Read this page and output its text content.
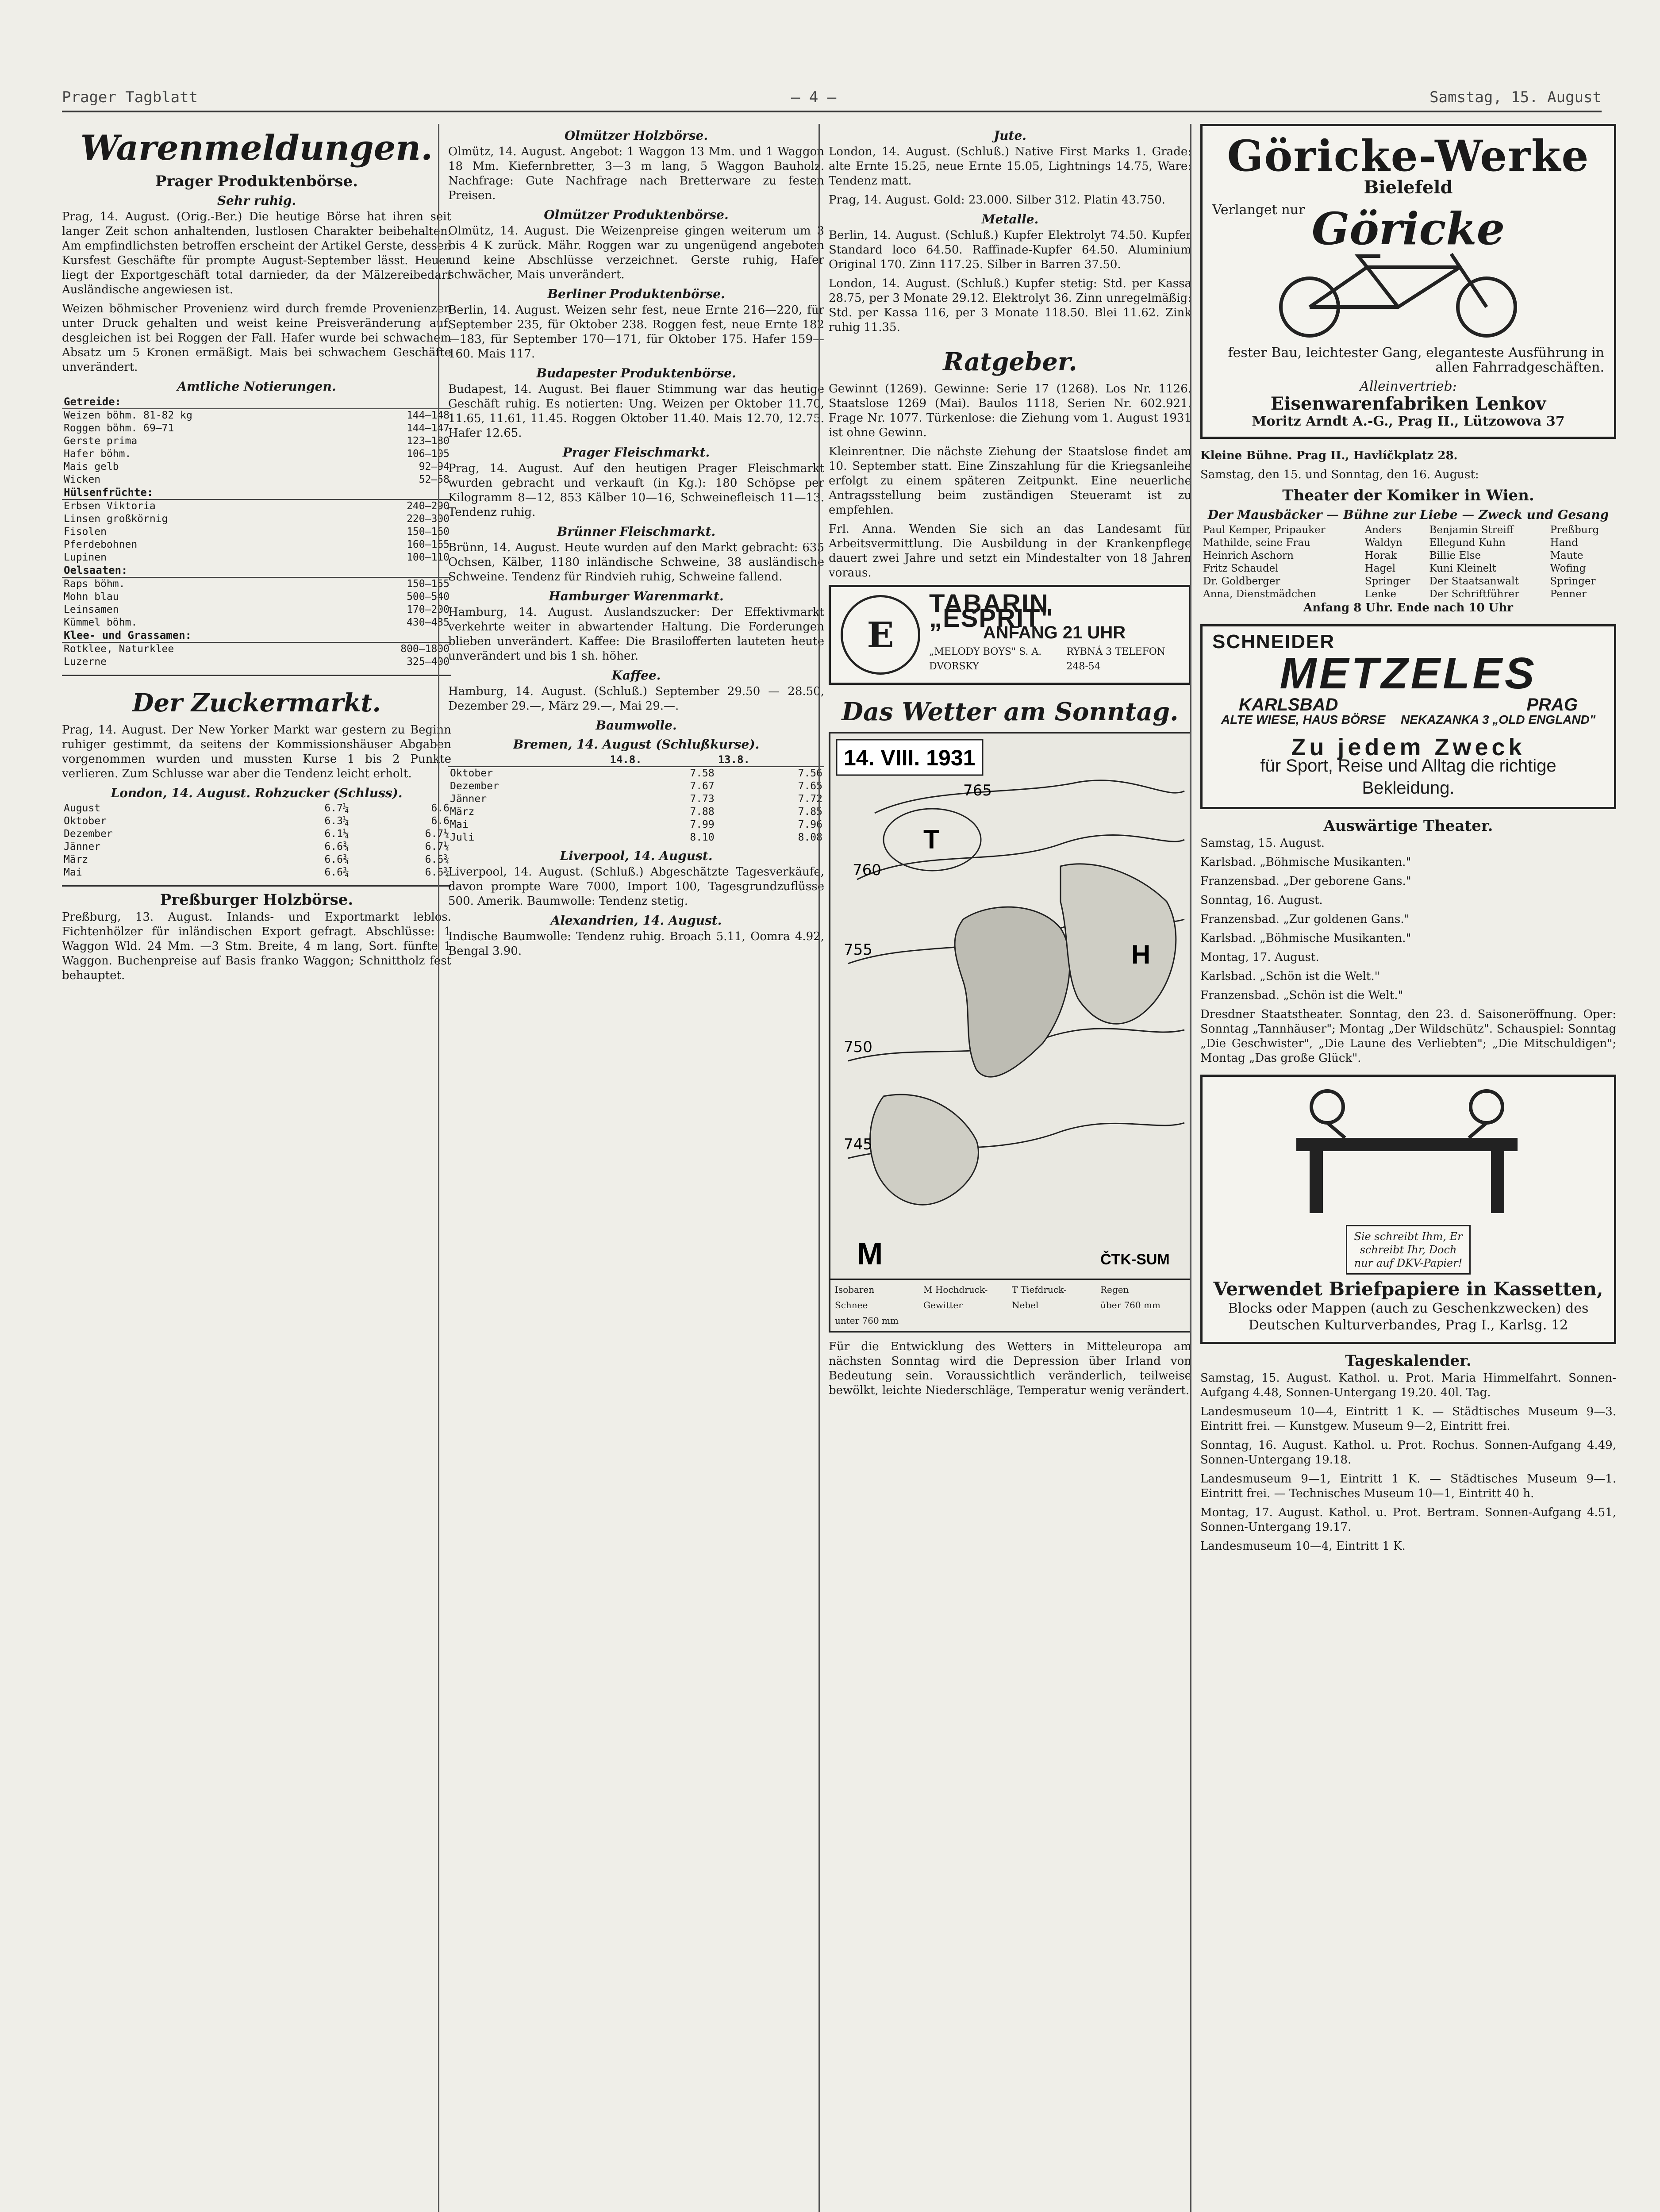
Prager Tagblatt	— 4 —	Samstag, 15. August
Warenmeldungen.
Prager Produktenbörse.
Sehr ruhig.

Prag, 14. August. (Orig.-Ber.) Die heutige Börse hat ihren seit langer Zeit schon anhaltenden, lustlosen Charakter beibehalten. Am empfindlichsten betroffen erscheint der Artikel Gerste, dessen Kursfest Geschäfte für prompte August-September lässt. Heuer liegt der Exportgeschäft total darnieder, da der Mälzereibedarf Ausländische angewiesen ist.

Weizen böhmischer Provenienz wird durch fremde Provenienzen unter Druck gehalten und weist keine Preisveränderung auf, desgleichen ist bei Roggen der Fall. Hafer wurde bei schwachem Absatz um 5 Kronen ermäßigt. Mais bei schwachem Geschäfte unverändert.

Amtliche Notierungen.
Getreide:	
Weizen böhm. 81-82 kg	144—148
Roggen böhm. 69—71	144—147
Gerste prima	123—180
Hafer böhm.	106—105
Mais gelb	92—94
Wicken	52—58
Hülsenfrüchte:	
Erbsen Viktoria	240—290
Linsen großkörnig	220—300
Fisolen	150—160
Pferdebohnen	160—165
Lupinen	100—110
Oelsaaten:	
Raps böhm.	150—155
Mohn blau	500—540
Leinsamen	170—200
Kümmel böhm.	430—435
Klee- und Grassamen:	
Rotklee, Naturklee	800—1800
Luzerne	325—400
Der Zuckermarkt.

Prag, 14. August. Der New Yorker Markt war gestern zu Beginn ruhiger gestimmt, da seitens der Kommissionshäuser Abgaben vorgenommen wurden und mussten Kurse 1 bis 2 Punkte verlieren. Zum Schlusse war aber die Tendenz leicht erholt.

London, 14. August. Rohzucker (Schluss).
August	6.7¼	6.6
Oktober	6.3¼	6.6
Dezember	6.1¼	6.7¼
Jänner	6.6¾	6.7¼
März	6.6¾	6.6¾
Mai	6.6¾	6.6¾
Preßburger Holzbörse.

Preßburg, 13. August. Inlands- und Exportmarkt leblos. Fichtenhölzer für inländischen Export gefragt. Abschlüsse: 1 Waggon Wld. 24 Mm. —3 Stm. Breite, 4 m lang, Sort. fünfte 1 Waggon. Buchenpreise auf Basis franko Waggon; Schnittholz fest behauptet.

Olmützer Holzbörse.

Olmütz, 14. August. Angebot: 1 Waggon 13 Mm. und 1 Waggon 18 Mm. Kiefernbretter, 3—3 m lang, 5 Waggon Bauholz. Nachfrage: Gute Nachfrage nach Bretterware zu festen Preisen.

Olmützer Produktenbörse.

Olmütz, 14. August. Die Weizenpreise gingen weiterum um 3 bis 4 K zurück. Mähr. Roggen war zu ungenügend angeboten und keine Abschlüsse verzeichnet. Gerste ruhig, Hafer schwächer, Mais unverändert.

Berliner Produktenbörse.

Berlin, 14. August. Weizen sehr fest, neue Ernte 216—220, für September 235, für Oktober 238. Roggen fest, neue Ernte 182—183, für September 170—171, für Oktober 175. Hafer 159—160. Mais 117.

Budapester Produktenbörse.

Budapest, 14. August. Bei flauer Stimmung war das heutige Geschäft ruhig. Es notierten: Ung. Weizen per Oktober 11.70, 11.65, 11.61, 11.45. Roggen Oktober 11.40. Mais 12.70, 12.75. Hafer 12.65.

Prager Fleischmarkt.

Prag, 14. August. Auf den heutigen Prager Fleischmarkt wurden gebracht und verkauft (in Kg.): 180 Schöpse per Kilogramm 8—12, 853 Kälber 10—16, Schweinefleisch 11—13. Tendenz ruhig.

Brünner Fleischmarkt.

Brünn, 14. August. Heute wurden auf den Markt gebracht: 635 Ochsen, Kälber, 1180 inländische Schweine, 38 ausländische Schweine. Tendenz für Rindvieh ruhig, Schweine fallend.

Hamburger Warenmarkt.

Hamburg, 14. August. Auslandszucker: Der Effektivmarkt verkehrte weiter in abwartender Haltung. Die Forderungen blieben unverändert. Kaffee: Die Brasilofferten lauteten heute unverändert und bis 1 sh. höher.

Kaffee.

Hamburg, 14. August. (Schluß.) September 29.50 — 28.50, Dezember 29.—, März 29.—, Mai 29.—.

Baumwolle.
Bremen, 14. August (Schlußkurse).
	14.8.	13.8.
Oktober	7.58	7.56
Dezember	7.67	7.65
Jänner	7.73	7.72
März	7.88	7.85
Mai	7.99	7.96
Juli	8.10	8.08
Liverpool, 14. August.

Liverpool, 14. August. (Schluß.) Abgeschätzte Tagesverkäufe, davon prompte Ware 7000, Import 100, Tagesgrundzuflüsse 500. Amerik. Baumwolle: Tendenz stetig.

Alexandrien, 14. August.

Indische Baumwolle: Tendenz ruhig. Broach 5.11, Oomra 4.92, Bengal 3.90.

Jute.

London, 14. August. (Schluß.) Native First Marks 1. Grade: alte Ernte 15.25, neue Ernte 15.05, Lightnings 14.75, Ware: Tendenz matt.

Prag, 14. August. Gold: 23.000. Silber 312. Platin 43.750.

Metalle.

Berlin, 14. August. (Schluß.) Kupfer Elektrolyt 74.50. Kupfer Standard loco 64.50. Raffinade-Kupfer 64.50. Aluminium Original 170. Zinn 117.25. Silber in Barren 37.50.

London, 14. August. (Schluß.) Kupfer stetig: Std. per Kassa 28.75, per 3 Monate 29.12. Elektrolyt 36. Zinn unregelmäßig: Std. per Kassa 116, per 3 Monate 118.50. Blei 11.62. Zink ruhig 11.35.

Ratgeber.

Gewinnt (1269). Gewinne: Serie 17 (1268). Los Nr. 1126. Staatslose 1269 (Mai). Baulos 1118, Serien Nr. 602.921. Frage Nr. 1077. Türkenlose: die Ziehung vom 1. August 1931 ist ohne Gewinn.

Kleinrentner. Die nächste Ziehung der Staatslose findet am 10. September statt. Eine Zinszahlung für die Kriegsanleihe erfolgt zu einem späteren Zeitpunkt. Eine neuerliche Antragsstellung beim zuständigen Steueramt ist zu empfehlen.

Frl. Anna. Wenden Sie sich an das Landesamt für Arbeitsvermittlung. Die Ausbildung in der Krankenpflege dauert zwei Jahre und setzt ein Mindestalter von 18 Jahren voraus.

E
TABARIN „ESPRIT"
ANFANG 21 UHR
„MELODY BOYS" S. A. DVORSKY
RYBNÁ 3 TELEFON 248-54
Das Wetter am Sonntag.
14. VIII. 1931
765
760
755
750
745
H
T
M	ČTK-SUM
Isobaren	M Hochdruck-	T Tiefdruck-	Regen
Schnee	Gewitter	Nebel	über 760 mm
unter 760 mm

Für die Entwicklung des Wetters in Mitteleuropa am nächsten Sonntag wird die Depression über Irland von Bedeutung sein. Voraussichtlich veränderlich, teilweise bewölkt, leichte Niederschläge, Temperatur wenig verändert.

Göricke-Werke
Bielefeld
Verlanget nur Göricke
fester Bau, leichtester Gang, eleganteste Ausführung in allen Fahrradgeschäften.
Alleinvertrieb:
Eisenwarenfabriken Lenkov
Moritz Arndt A.-G., Prag II., Lützowova 37
Kleine Bühne. Prag II., Havlíčkplatz 28.
Samstag, den 15. und Sonntag, den 16. August:
Theater der Komiker in Wien.
Der Mausbäcker — Bühne zur Liebe — Zweck und Gesang
Paul Kemper, Pripauker	Anders	Benjamin Streiff	Preßburg
Mathilde, seine Frau	Waldyn	Ellegund Kuhn	Hand
Heinrich Aschorn	Horak	Billie Else	Maute
Fritz Schaudel	Hagel	Kuni Kleinelt	Wofing
Dr. Goldberger	Springer	Der Staatsanwalt	Springer
Anna, Dienstmädchen	Lenke	Der Schriftführer	Penner
Anfang 8 Uhr. Ende nach 10 Uhr
SCHNEIDER
METZELES
KARLSBAD	PRAG
ALTE WIESE, HAUS BÖRSE NEKAZANKA 3 „OLD ENGLAND"
Zu jedem Zweck
für Sport, Reise und Alltag die richtige Bekleidung.
Auswärtige Theater.

Samstag, 15. August.

Karlsbad. „Böhmische Musikanten."

Franzensbad. „Der geborene Gans."

Sonntag, 16. August.

Franzensbad. „Zur goldenen Gans."

Karlsbad. „Böhmische Musikanten."

Montag, 17. August.

Karlsbad. „Schön ist die Welt."

Franzensbad. „Schön ist die Welt."

Dresdner Staatstheater. Sonntag, den 23. d. Saisoneröffnung. Oper: Sonntag „Tannhäuser"; Montag „Der Wildschütz". Schauspiel: Sonntag „Die Geschwister", „Die Laune des Verliebten"; „Die Mitschuldigen"; Montag „Das große Glück".

Sie schreibt Ihm, Er schreibt Ihr, Doch nur auf DKV-Papier!
Verwendet Briefpapiere in Kassetten,
Blocks oder Mappen (auch zu Geschenkzwecken) des Deutschen Kulturverbandes, Prag I., Karlsg. 12
Tageskalender.

Samstag, 15. August. Kathol. u. Prot. Maria Himmelfahrt. Sonnen-Aufgang 4.48, Sonnen-Untergang 19.20. 40l. Tag.

Landesmuseum 10—4, Eintritt 1 K. — Städtisches Museum 9—3. Eintritt frei. — Kunstgew. Museum 9—2, Eintritt frei.

Sonntag, 16. August. Kathol. u. Prot. Rochus. Sonnen-Aufgang 4.49, Sonnen-Untergang 19.18.

Landesmuseum 9—1, Eintritt 1 K. — Städtisches Museum 9—1. Eintritt frei. — Technisches Museum 10—1, Eintritt 40 h.

Montag, 17. August. Kathol. u. Prot. Bertram. Sonnen-Aufgang 4.51, Sonnen-Untergang 19.17.

Landesmuseum 10—4, Eintritt 1 K.
